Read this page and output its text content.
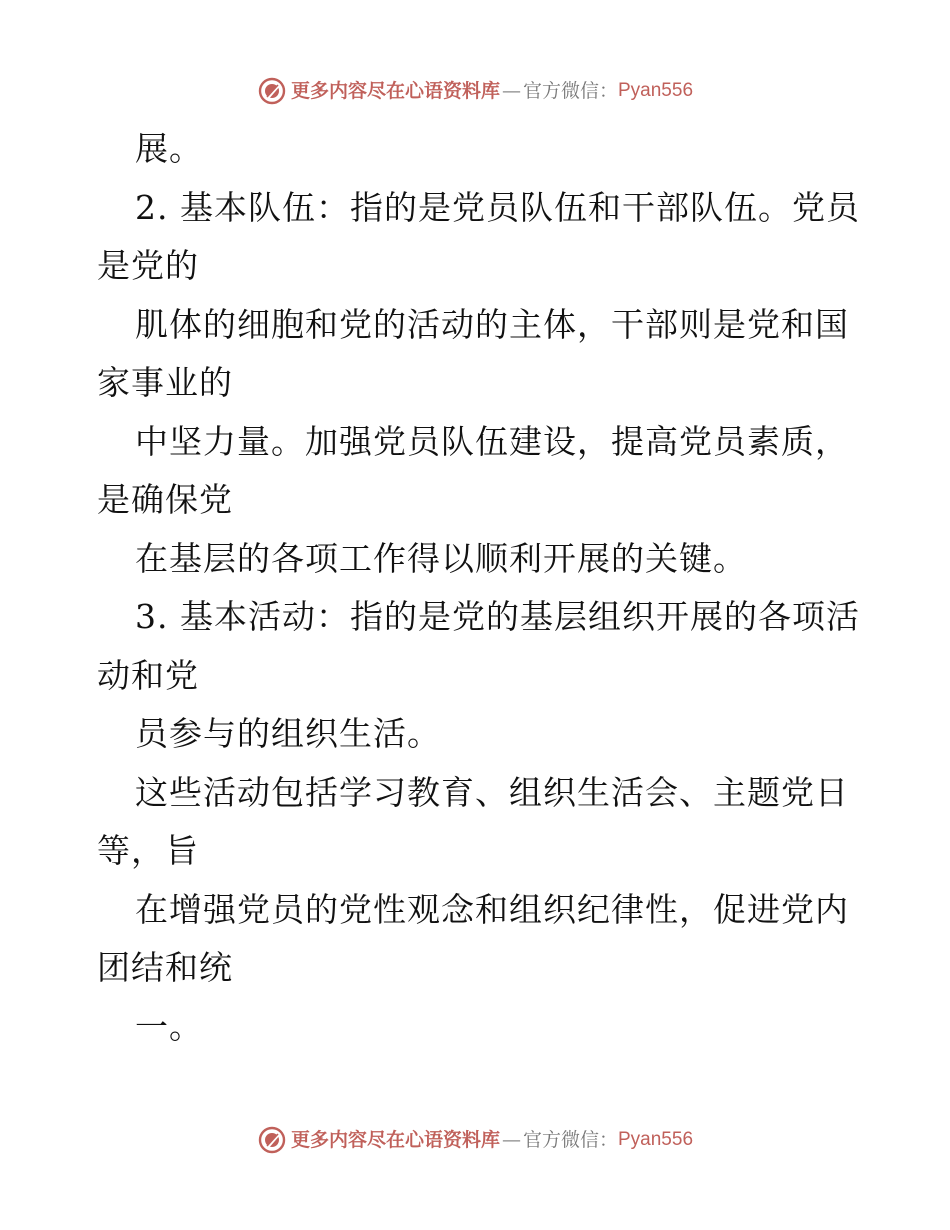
更多内容尽在心语资料库 — 官方微信：Pyan556
展。
2. 基本队伍：指的是党员队伍和干部队伍。党员
是党的
肌体的细胞和党的活动的主体，干部则是党和国
家事业的
中坚力量。加强党员队伍建设，提高党员素质，
是确保党
在基层的各项工作得以顺利开展的关键。
3. 基本活动：指的是党的基层组织开展的各项活
动和党
员参与的组织生活。
这些活动包括学习教育、组织生活会、主题党日
等，旨
在增强党员的党性观念和组织纪律性，促进党内
团结和统
一。
更多内容尽在心语资料库 — 官方微信：Pyan556
